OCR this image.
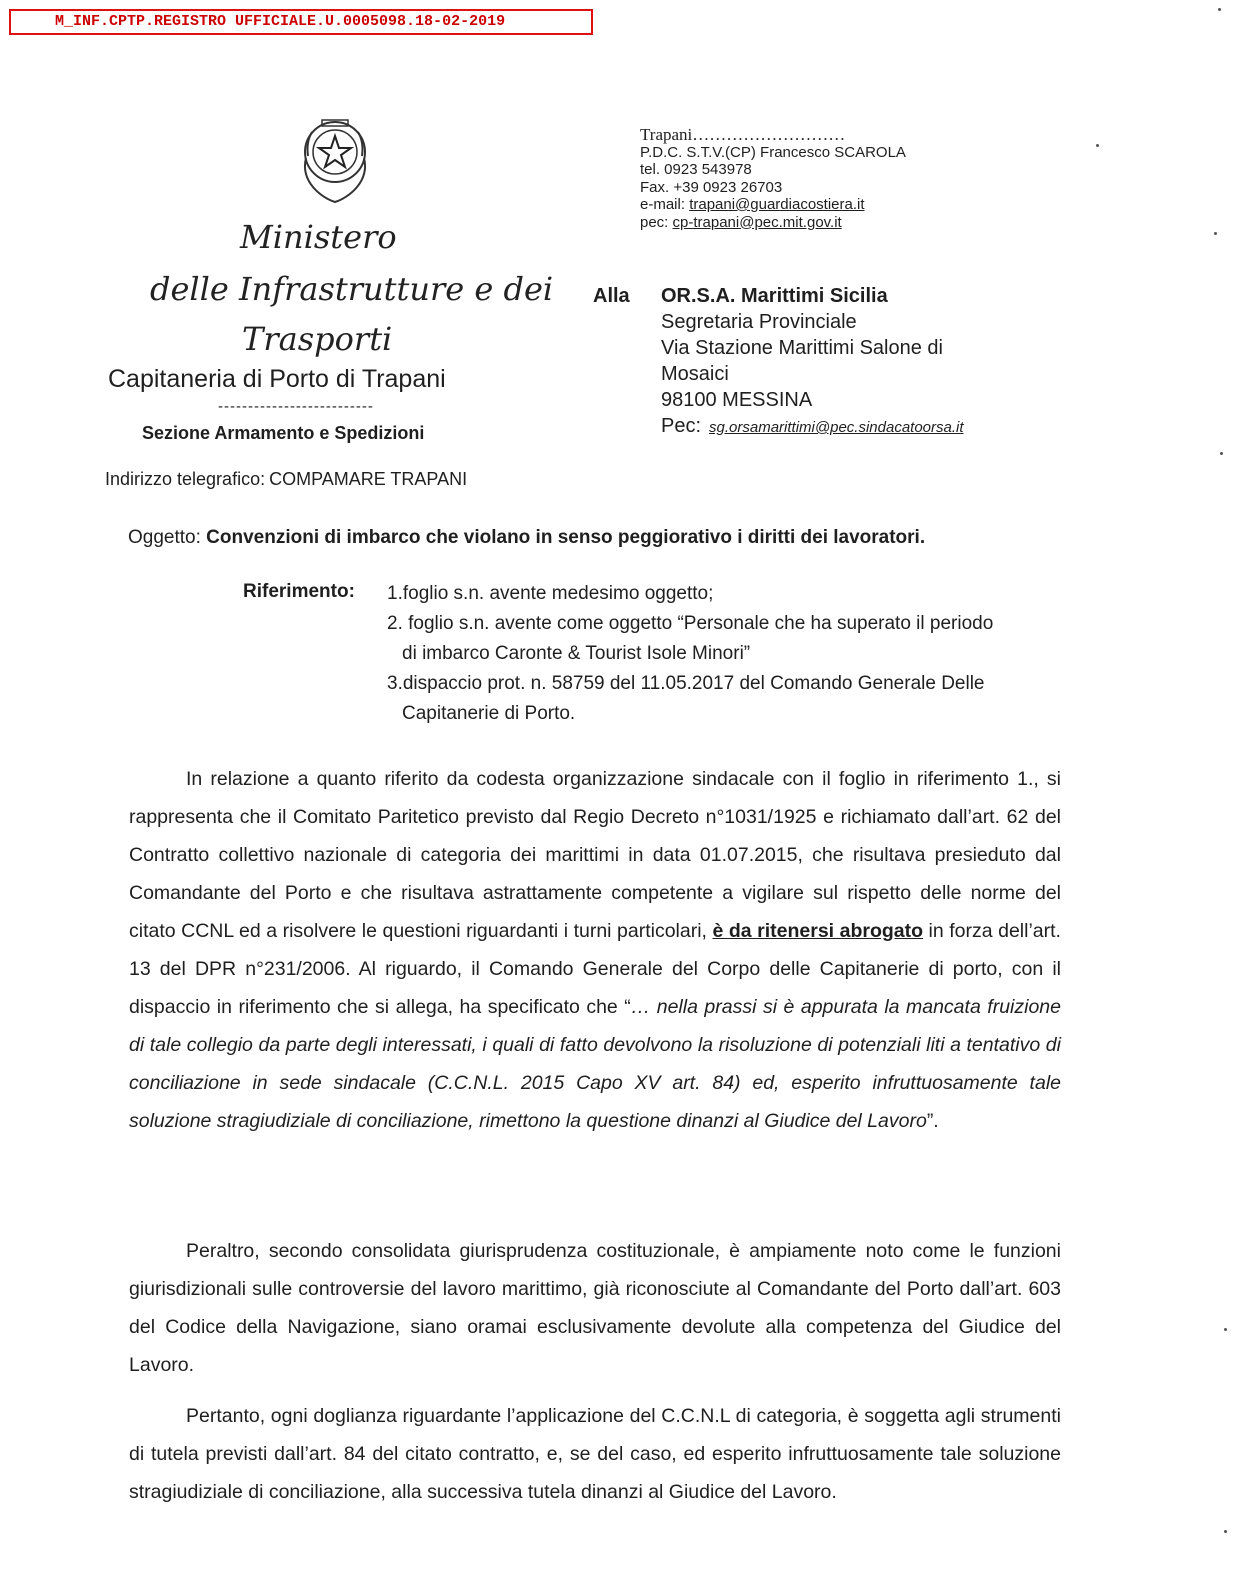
M_INF.CPTP.REGISTRO UFFICIALE.U.0005098.18-02-2019
Ministero
delle Infrastrutture e dei
Trasporti
Capitaneria di Porto di Trapani
--------------------------
Sezione Armamento e Spedizioni
Indirizzo telegrafico: COMPAMARE TRAPANI
Trapani………………………
P.D.C. S.T.V.(CP) Francesco SCAROLA
tel. 0923 543978
Fax. +39 0923 26703
e-mail: trapani@guardiacostiera.it
pec: cp-trapani@pec.mit.gov.it
Alla OR.S.A. Marittimi Sicilia
Segretaria Provinciale
Via Stazione Marittimi Salone di
Mosaici
98100 MESSINA
Pec: sg.orsamarittimi@pec.sindacatoorsa.it
Oggetto: Convenzioni di imbarco che violano in senso peggiorativo i diritti dei lavoratori.
Riferimento: 1.foglio s.n. avente medesimo oggetto;
2. foglio s.n. avente come oggetto “Personale che ha superato il periodo
di imbarco Caronte & Tourist Isole Minori”
3.dispaccio prot. n. 58759 del 11.05.2017 del Comando Generale Delle
Capitanerie di Porto.
In relazione a quanto riferito da codesta organizzazione sindacale con il foglio in riferimento 1., si rappresenta che il Comitato Paritetico previsto dal Regio Decreto n°1031/1925 e richiamato dall’art. 62 del Contratto collettivo nazionale di categoria dei marittimi in data 01.07.2015, che risultava presieduto dal Comandante del Porto e che risultava astrattamente competente a vigilare sul rispetto delle norme del citato CCNL ed a risolvere le questioni riguardanti i turni particolari, è da ritenersi abrogato in forza dell’art. 13 del DPR n°231/2006. Al riguardo, il Comando Generale del Corpo delle Capitanerie di porto, con il dispaccio in riferimento che si allega, ha specificato che “… nella prassi si è appurata la mancata fruizione di tale collegio da parte degli interessati, i quali di fatto devolvono la risoluzione di potenziali liti a tentativo di conciliazione in sede sindacale (C.C.N.L. 2015 Capo XV art. 84) ed, esperito infruttuosamente tale soluzione stragiudiziale di conciliazione, rimettono la questione dinanzi al Giudice del Lavoro”.
Peraltro, secondo consolidata giurisprudenza costituzionale, è ampiamente noto come le funzioni giurisdizionali sulle controversie del lavoro marittimo, già riconosciute al Comandante del Porto dall’art. 603 del Codice della Navigazione, siano oramai esclusivamente devolute alla competenza del Giudice del Lavoro.
Pertanto, ogni doglianza riguardante l’applicazione del C.C.N.L di categoria, è soggetta agli strumenti di tutela previsti dall’art. 84 del citato contratto, e, se del caso, ed esperito infruttuosamente tale soluzione stragiudiziale di conciliazione, alla successiva tutela dinanzi al Giudice del Lavoro.
